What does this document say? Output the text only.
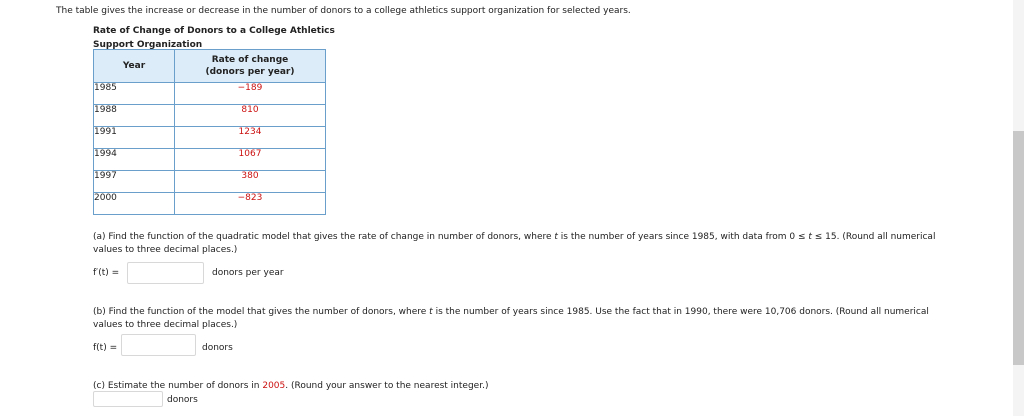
The table gives the increase or decrease in the number of donors to a college athletics support organization for selected years.
Rate of Change of Donors to a College Athletics
Support Organization
Year	Rate of change
(donors per year)

1985	−189
1988	810
1991	1234
1994	1067
1997	380
2000	−823
(a) Find the function of the quadratic model that gives the rate of change in number of donors, where t is the number of years since 1985, with data from 0 ≤ t ≤ 15. (Round all numerical
values to three decimal places.)
f′(t) =	donors per year
(b) Find the function of the model that gives the number of donors, where t is the number of years since 1985. Use the fact that in 1990, there were 10,706 donors. (Round all numerical
values to three decimal places.)
f(t) =	donors
(c) Estimate the number of donors in 2005. (Round your answer to the nearest integer.)
donors
